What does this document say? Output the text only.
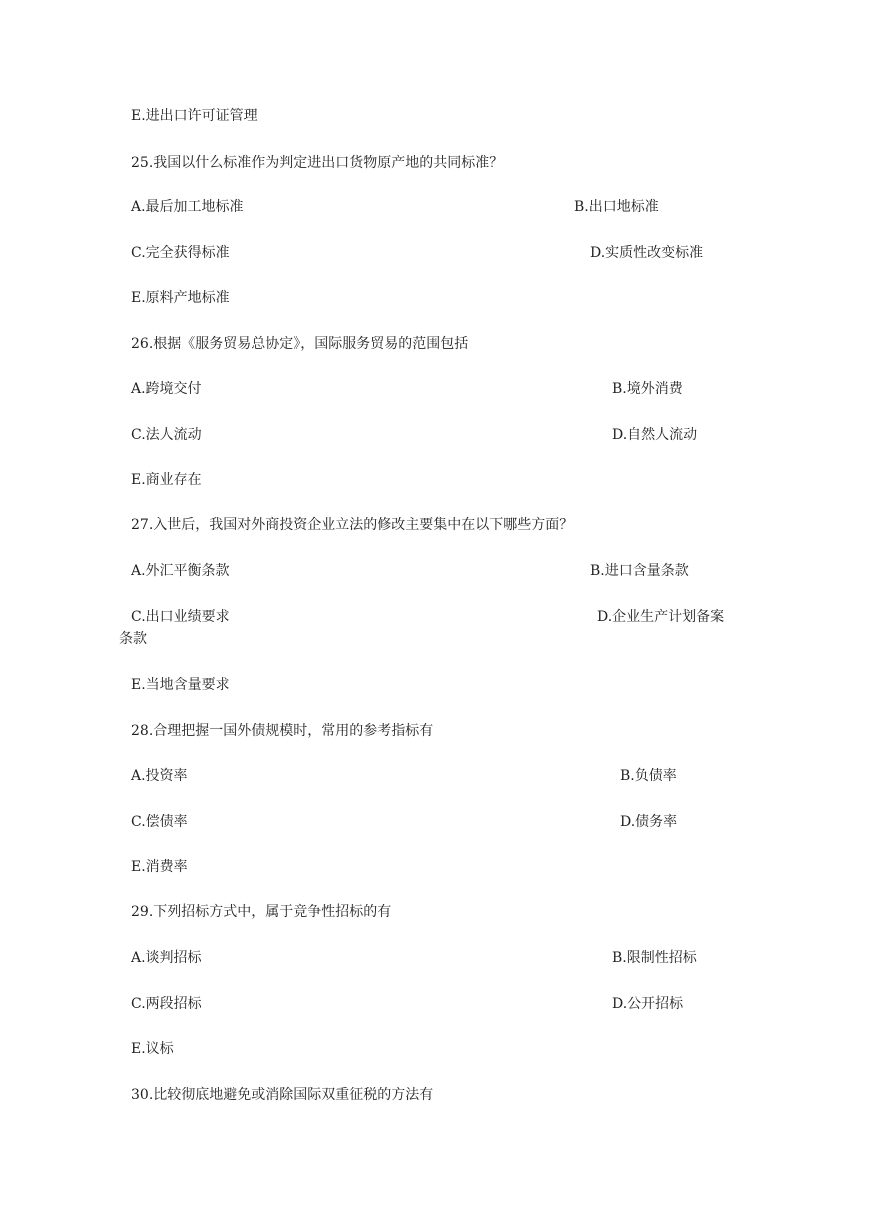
E.进出口许可证管理
25.我国以什么标准作为判定进出口货物原产地的共同标准？
A.最后加工地标准	B.出口地标准
C.完全获得标准	D.实质性改变标准
E.原料产地标准
26.根据《服务贸易总协定》，国际服务贸易的范围包括
A.跨境交付	B.境外消费
C.法人流动	D.自然人流动
E.商业存在
27.入世后，我国对外商投资企业立法的修改主要集中在以下哪些方面？
A.外汇平衡条款	B.进口含量条款
C.出口业绩要求	D.企业生产计划备案
条款
E.当地含量要求
28.合理把握一国外债规模时，常用的参考指标有
A.投资率	B.负债率
C.偿债率	D.债务率
E.消费率
29.下列招标方式中，属于竞争性招标的有
A.谈判招标	B.限制性招标
C.两段招标	D.公开招标
E.议标
30.比较彻底地避免或消除国际双重征税的方法有
